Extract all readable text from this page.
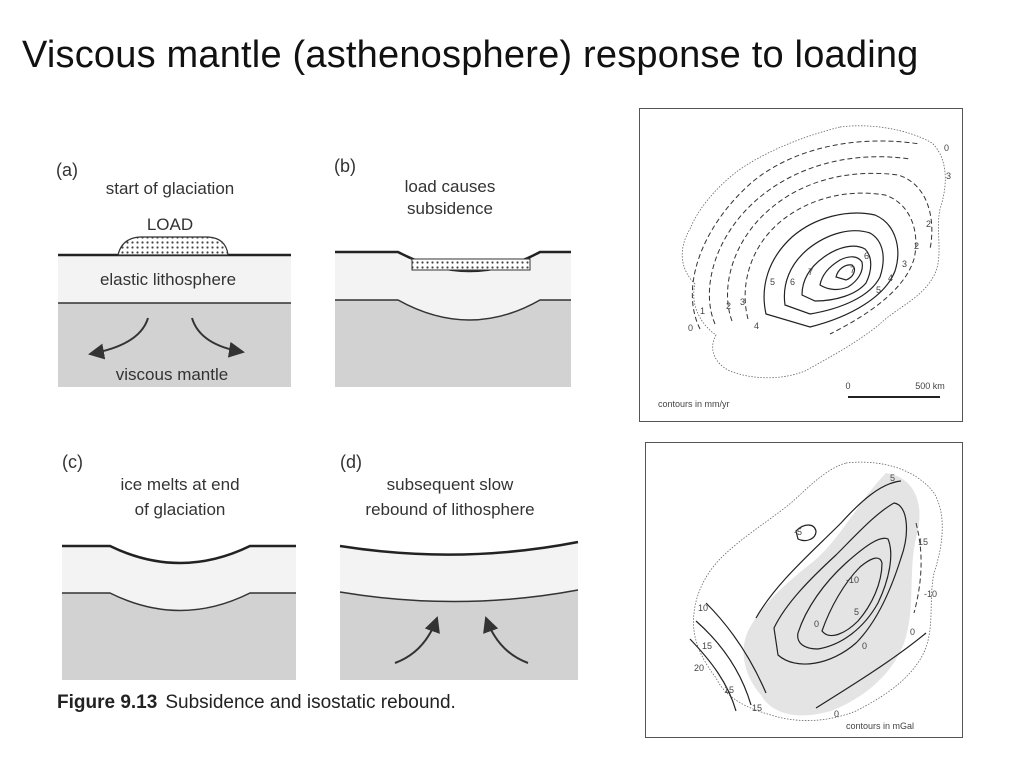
Viscous mantle (asthenosphere) response to loading
(a)
start of glaciation
LOAD
elastic lithosphere
viscous mantle
(b)
load causes
subsidence
(c)
ice melts at end
of glaciation
(d)
subsequent slow
rebound of lithosphere
Figure 9.13 Subsidence and isostatic rebound.
0
3
2
2
3
4
5
6
7
0
1 2 3
4
5 6
7
0	500 km
contours in mm/yr
5
15
-5
-10
5
0
-10
0
0
10
15
20
15
15
0
contours in mGal
